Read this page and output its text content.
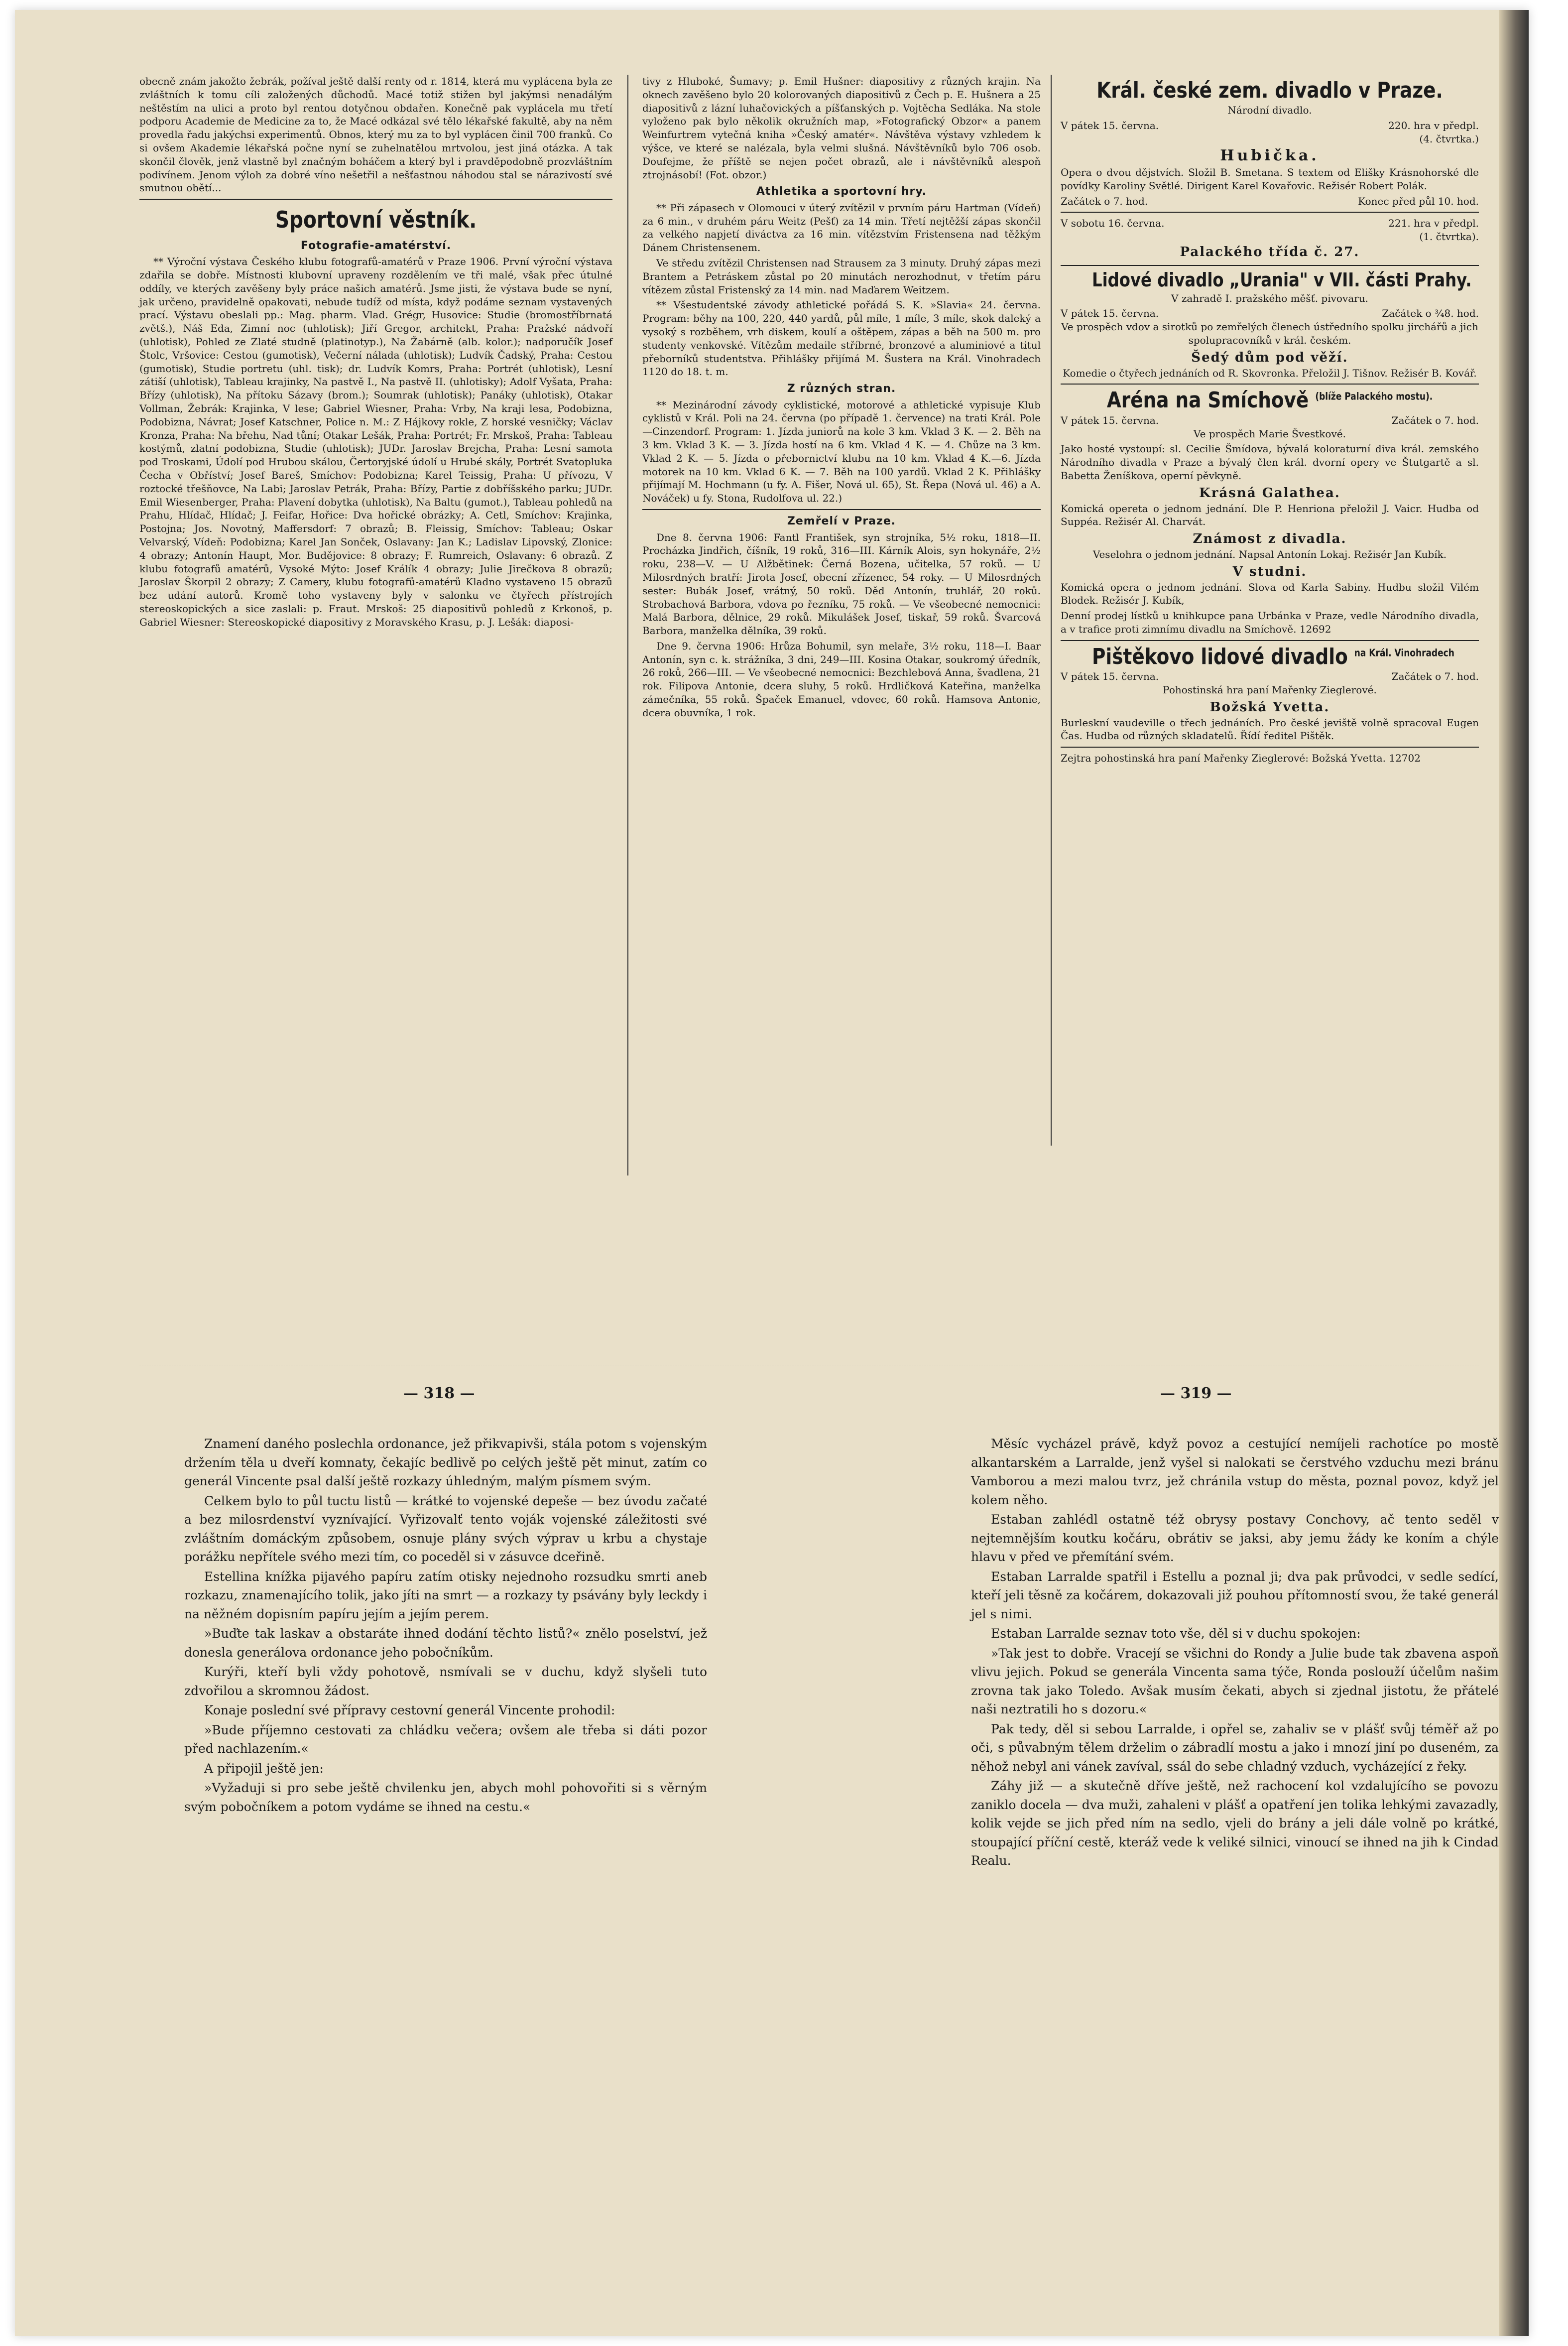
obecně znám jakožto žebrák, požíval ještě další renty od r. 1814, která mu vyplácena byla ze zvláštních k tomu cíli založených důchodů. Macé totiž stižen byl jakýmsi nenadálým neštěstím na ulici a proto byl rentou dotyčnou obdařen. Konečně pak vyplácela mu třetí podporu Academie de Medicine za to, že Macé odkázal své tělo lékařské fakultě, aby na něm provedla řadu jakýchsi experimentů. Obnos, který mu za to byl vyplácen činil 700 franků. Co si ovšem Akademie lékařská počne nyní se zuhelnatělou mrtvolou, jest jiná otázka. A tak skončil člověk, jenž vlastně byl značným boháčem a který byl i pravděpodobně prozvláštním podivínem. Jenom výloh za dobré víno nešetřil a nešťastnou náhodou stal se nárazivostí své smutnou obětí...

Sportovní věstník.
Fotografie-amatérství.

** Výroční výstava Českého klubu fotografů-amatérů v Praze 1906. První výroční výstava zdařila se dobře. Místnosti klubovní upraveny rozdělením ve tři malé, však přec útulné oddíly, ve kterých zavěšeny byly práce našich amatérů. Jsme jisti, že výstava bude se nyní, jak určeno, pravidelně opakovati, nebude tudíž od místa, když podáme seznam vystavených prací. Výstavu obeslali pp.: Mag. pharm. Vlad. Grégr, Husovice: Studie (bromostříbrnatá zvětš.), Náš Eda, Zimní noc (uhlotisk); Jiří Gregor, architekt, Praha: Pražské nádvoří (uhlotisk), Pohled ze Zlaté studně (platinotyp.), Na Žabárně (alb. kolor.); nadporučík Josef Štolc, Vršovice: Cestou (gumotisk), Večerní nálada (uhlotisk); Ludvík Čadský, Praha: Cestou (gumotisk), Studie portretu (uhl. tisk); dr. Ludvík Komrs, Praha: Portrét (uhlotisk), Lesní zátiší (uhlotisk), Tableau krajinky, Na pastvě I., Na pastvě II. (uhlotisky); Adolf Vyšata, Praha: Břízy (uhlotisk), Na přítoku Sázavy (brom.); Soumrak (uhlotisk); Panáky (uhlotisk), Otakar Vollman, Žebrák: Krajinka, V lese; Gabriel Wiesner, Praha: Vrby, Na kraji lesa, Podobizna, Podobizna, Návrat; Josef Katschner, Police n. M.: Z Hájkovy rokle, Z horské vesničky; Václav Kronza, Praha: Na břehu, Nad tůní; Otakar Lešák, Praha: Portrét; Fr. Mrskoš, Praha: Tableau kostýmů, zlatní podobizna, Studie (uhlotisk); JUDr. Jaroslav Brejcha, Praha: Lesní samota pod Troskami, Údolí pod Hrubou skálou, Čertoryjské údolí u Hrubé skály, Portrét Svatopluka Čecha v Obříství; Josef Bareš, Smíchov: Podobizna; Karel Teissig, Praha: U přívozu, V roztocké třešňovce, Na Labi; Jaroslav Petrák, Praha: Břízy, Partie z dobříšského parku; JUDr. Emil Wiesenberger, Praha: Plavení dobytka (uhlotisk), Na Baltu (gumot.), Tableau pohledů na Prahu, Hlídač, Hlídač; J. Feifar, Hořice: Dva hořické obrázky; A. Cetl, Smíchov: Krajinka, Postojna; Jos. Novotný, Maffersdorf: 7 obrazů; B. Fleissig, Smíchov: Tableau; Oskar Velvarský, Vídeň: Podobizna; Karel Jan Sonček, Oslavany: Jan K.; Ladislav Lipovský, Zlonice: 4 obrazy; Antonín Haupt, Mor. Budějovice: 8 obrazy; F. Rumreich, Oslavany: 6 obrazů. Z klubu fotografů amatérů, Vysoké Mýto: Josef Králík 4 obrazy; Julie Jirečkova 8 obrazů; Jaroslav Škorpil 2 obrazy; Z Camery, klubu fotografů-amatérů Kladno vystaveno 15 obrazů bez udání autorů. Kromě toho vystaveny byly v salonku ve čtyřech přístrojích stereoskopických a sice zaslali: p. Fraut. Mrskoš: 25 diapositivů pohledů z Krkonoš, p. Gabriel Wiesner: Stereoskopické diapositivy z Moravského Krasu, p. J. Lešák: diaposi-

tivy z Hluboké, Šumavy; p. Emil Hušner: diapositivy z různých krajin. Na oknech zavěšeno bylo 20 kolorovaných diapositivů z Čech p. E. Hušnera a 25 diapositivů z lázní luhačovických a píšťanských p. Vojtěcha Sedláka. Na stole vyloženo pak bylo několik okružních map, »Fotografický Obzor« a panem Weinfurtrem vytečná kniha »Český amatér«. Návštěva výstavy vzhledem k výšce, ve které se nalézala, byla velmi slušná. Návštěvníků bylo 706 osob. Doufejme, že příště se nejen počet obrazů, ale i návštěvníků alespoň ztrojnásobí! (Fot. obzor.)

Athletika a sportovní hry.

** Při zápasech v Olomouci v úterý zvítězil v prvním páru Hartman (Vídeň) za 6 min., v druhém páru Weitz (Pešť) za 14 min. Třetí nejtěžší zápas skončil za velkého napjetí diváctva za 16 min. vítězstvím Fristensena nad těžkým Dánem Christensenem.

Ve středu zvítězil Christensen nad Strausem za 3 minuty. Druhý zápas mezi Brantem a Petráskem zůstal po 20 minutách nerozhodnut, v třetím páru vítězem zůstal Fristenský za 14 min. nad Maďarem Weitzem.

** Všestudentské závody athletické pořádá S. K. »Slavia« 24. června. Program: běhy na 100, 220, 440 yardů, půl míle, 1 míle, 3 míle, skok daleký a vysoký s rozběhem, vrh diskem, koulí a oštěpem, zápas a běh na 500 m. pro studenty venkovské. Vítězům medaile stříbrné, bronzové a aluminiové a titul přeborníků studentstva. Přihlášky přijímá M. Šustera na Král. Vinohradech 1120 do 18. t. m.

Z různých stran.

** Mezinárodní závody cyklistické, motorové a athletické vypisuje Klub cyklistů v Král. Poli na 24. června (po případě 1. července) na trati Král. Pole—Cinzendorf. Program: 1. Jízda juniorů na kole 3 km. Vklad 3 K. — 2. Běh na 3 km. Vklad 3 K. — 3. Jízda hostí na 6 km. Vklad 4 K. — 4. Chůze na 3 km. Vklad 2 K. — 5. Jízda o přebornictví klubu na 10 km. Vklad 4 K.—6. Jízda motorek na 10 km. Vklad 6 K. — 7. Běh na 100 yardů. Vklad 2 K. Přihlášky přijímají M. Hochmann (u fy. A. Fišer, Nová ul. 65), St. Řepa (Nová ul. 46) a A. Nováček) u fy. Stona, Rudolfova ul. 22.)

Zemřelí v Praze.

Dne 8. června 1906: Fantl František, syn strojníka, 5½ roku, 1818—II. Procházka Jindřich, číšník, 19 roků, 316—III. Kárník Alois, syn hokynáře, 2½ roku, 238—V. — U Alžbětinek: Černá Bozena, učitelka, 57 roků. — U Milosrdných bratří: Jirota Josef, obecní zřízenec, 54 roky. — U Milosrdných sester: Bubák Josef, vrátný, 50 roků. Děd Antonín, truhlář, 20 roků. Strobachová Barbora, vdova po řezníku, 75 roků. — Ve všeobecné nemocnici: Malá Barbora, dělnice, 29 roků. Mikulášek Josef, tiskař, 59 roků. Švarcová Barbora, manželka dělníka, 39 roků.

Dne 9. června 1906: Hrůza Bohumil, syn melaře, 3½ roku, 118—I. Baar Antonín, syn c. k. strážníka, 3 dni, 249—III. Kosina Otakar, soukromý úředník, 26 roků, 266—III. — Ve všeobecné nemocnici: Bezchlebová Anna, švadlena, 21 rok. Filipova Antonie, dcera sluhy, 5 roků. Hrdličková Kateřina, manželka zámečníka, 55 roků. Špaček Emanuel, vdovec, 60 roků. Hamsova Antonie, dcera obuvníka, 1 rok.

Král. české zem. divadlo v Praze.

Národní divadlo.

V pátek 15. června.	220. hra v předpl.
(4. čtvrtka.)
Hubička.

Opera o dvou dějstvích. Složil B. Smetana. S textem od Elišky Krásnohorské dle povídky Karoliny Světlé. Dirigent Karel Kovařovic. Režisér Robert Polák.

Začátek o 7. hod.	Konec před půl 10. hod.
V sobotu 16. června.	221. hra v předpl.
(1. čtvrtka).
Palackého třída č. 27.
Lidové divadlo „Urania" v VII. části Prahy.

V zahradě I. pražského měšť. pivovaru.

V pátek 15. června.	Začátek o ¾8. hod.

Ve prospěch vdov a sirotků po zemřelých členech ústředního spolku jirchářů a jich spolupracovníků v král. českém.

Šedý dům pod věží.

Komedie o čtyřech jednáních od R. Skovronka. Přeložil J. Tišnov. Režisér B. Kovář.

Aréna na Smíchově $^{(blíže Palackého mostu).}$
V pátek 15. června.	Začátek o 7. hod.

Ve prospěch Marie Švestkové.

Jako hosté vystoupí: sl. Cecilie Šmídova, bývalá koloraturní diva král. zemského Národního divadla v Praze a bývalý člen král. dvorní opery ve Štutgartě a sl. Babetta Ženíškova, operní pěvkyně.

Krásná Galathea.

Komická opereta o jednom jednání. Dle P. Henriona přeložil J. Vaicr. Hudba od Suppéa. Režisér Al. Charvát.

Známost z divadla.

Veselohra o jednom jednání. Napsal Antonín Lokaj. Režisér Jan Kubík.

V studni.

Komická opera o jednom jednání. Slova od Karla Sabiny. Hudbu složil Vilém Blodek. Režisér J. Kubík,

Denní prodej lístků u knihkupce pana Urbánka v Praze, vedle Národního divadla, a v trafice proti zimnímu divadlu na Smíchově. 12692

Pištěkovo lidové divadlo $^{na Král. Vinohradech}$
V pátek 15. června.	Začátek o 7. hod.

Pohostinská hra paní Mařenky Zieglerové.

Božská Yvetta.

Burleskní vaudeville o třech jednáních. Pro české jeviště volně spracoval Eugen Čas. Hudba od různých skladatelů. Řídí ředitel Pištěk.

Zejtra pohostinská hra paní Mařenky Zieglerové: Božská Yvetta. 12702

— 318 —	— 319 —

Znamení daného poslechla ordonance, jež přikvapivši, stála potom s vojenským držením těla u dveří komnaty, čekajíc bedlivě po celých ještě pět minut, zatím co generál Vincente psal další ještě rozkazy úhledným, malým písmem svým.

Celkem bylo to půl tuctu listů — krátké to vojenské depeše — bez úvodu začaté a bez milosrdenství vyznívající. Vyřizovalť tento voják vojenské záležitosti své zvláštním domáckým způsobem, osnuje plány svých výprav u krbu a chystaje porážku nepřítele svého mezi tím, co poceděl si v zásuvce dceřině.

Estellina knížka pijavého papíru zatím otisky nejednoho rozsudku smrti aneb rozkazu, znamenajícího tolik, jako jíti na smrt — a rozkazy ty psávány byly leckdy i na něžném dopisním papíru jejím a jejím perem.

»Buďte tak laskav a obstaráte ihned dodání těchto listů?« znělo poselství, jež donesla generálova ordonance jeho pobočníkům.

Kurýři, kteří byli vždy pohotově, nsmívali se v duchu, když slyšeli tuto zdvořilou a skromnou žádost.

Konaje poslední své přípravy cestovní generál Vincente prohodil:

»Bude příjemno cestovati za chládku večera; ovšem ale třeba si dáti pozor před nachlazením.«

A připojil ještě jen:

»Vyžaduji si pro sebe ještě chvilenku jen, abych mohl pohovořiti si s věrným svým pobočníkem a potom vydáme se ihned na cestu.«

Měsíc vycházel právě, když povoz a cestující nemíjeli rachotíce po mostě alkantarském a Larralde, jenž vyšel si nalokati se čerstvého vzduchu mezi bránu Vamborou a mezi malou tvrz, jež chránila vstup do města, poznal povoz, když jel kolem něho.

Estaban zahlédl ostatně též obrysy postavy Conchovy, ač tento seděl v nejtemnějším koutku kočáru, obrátiv se jaksi, aby jemu žády ke koním a chýle hlavu v před ve přemítání svém.

Estaban Larralde spatřil i Estellu a poznal ji; dva pak průvodci, v sedle sedící, kteří jeli těsně za kočárem, dokazovali již pouhou přítomností svou, že také generál jel s nimi.

Estaban Larralde seznav toto vše, děl si v duchu spokojen:

»Tak jest to dobře. Vracejí se všichni do Rondy a Julie bude tak zbavena aspoň vlivu jejich. Pokud se generála Vincenta sama týče, Ronda poslouží účelům našim zrovna tak jako Toledo. Avšak musím čekati, abych si zjednal jistotu, že přátelé naši neztratili ho s dozoru.«

Pak tedy, děl si sebou Larralde, i opřel se, zahaliv se v plášť svůj téměř až po oči, s půvabným tělem drželim o zábradlí mostu a jako i mnozí jiní po duseném, za něhož nebyl ani vánek zavíval, ssál do sebe chladný vzduch, vycházející z řeky.

Záhy již — a skutečně dříve ještě, než rachocení kol vzdalujícího se povozu zaniklo docela — dva muži, zahaleni v plášť a opatření jen tolika lehkými zavazadly, kolik vejde se jich před ním na sedlo, vjeli do brány a jeli dále volně po krátké, stoupající příční cestě, kteráž vede k veliké silnici, vinoucí se ihned na jih k Cindad Realu.
